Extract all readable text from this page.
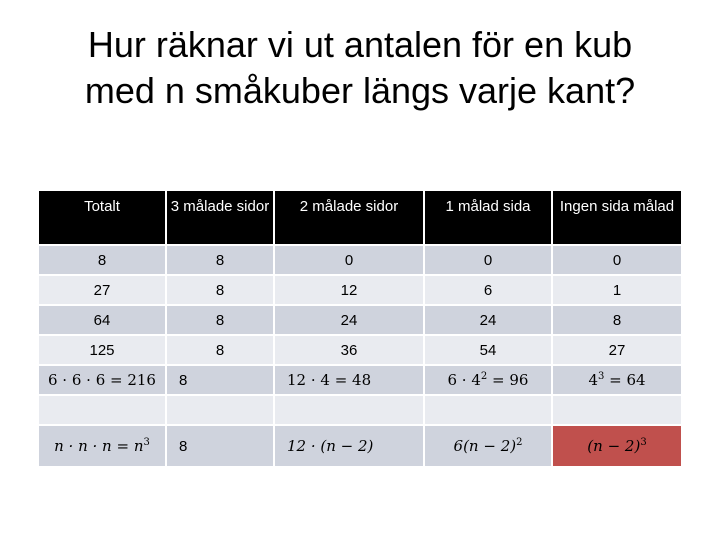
Hur räknar vi ut antalen för en kub
med n småkuber längs varje kant?
Totalt	3 målade sidor	2 målade sidor	1 målad sida	Ingen sida målad
8	8	0	0	0
27	8	12	6	1
64	8	24	24	8
125	8	36	54	27
6 · 6 · 6 = 216	8	12 · 4 = 48	$6 \cdot 4^2 = 96$	$4^3 = 64$

$n \cdot n \cdot n = n^3$	8	12 · (n − 2)	$6(n - 2)^2$	$(n - 2)^3$
